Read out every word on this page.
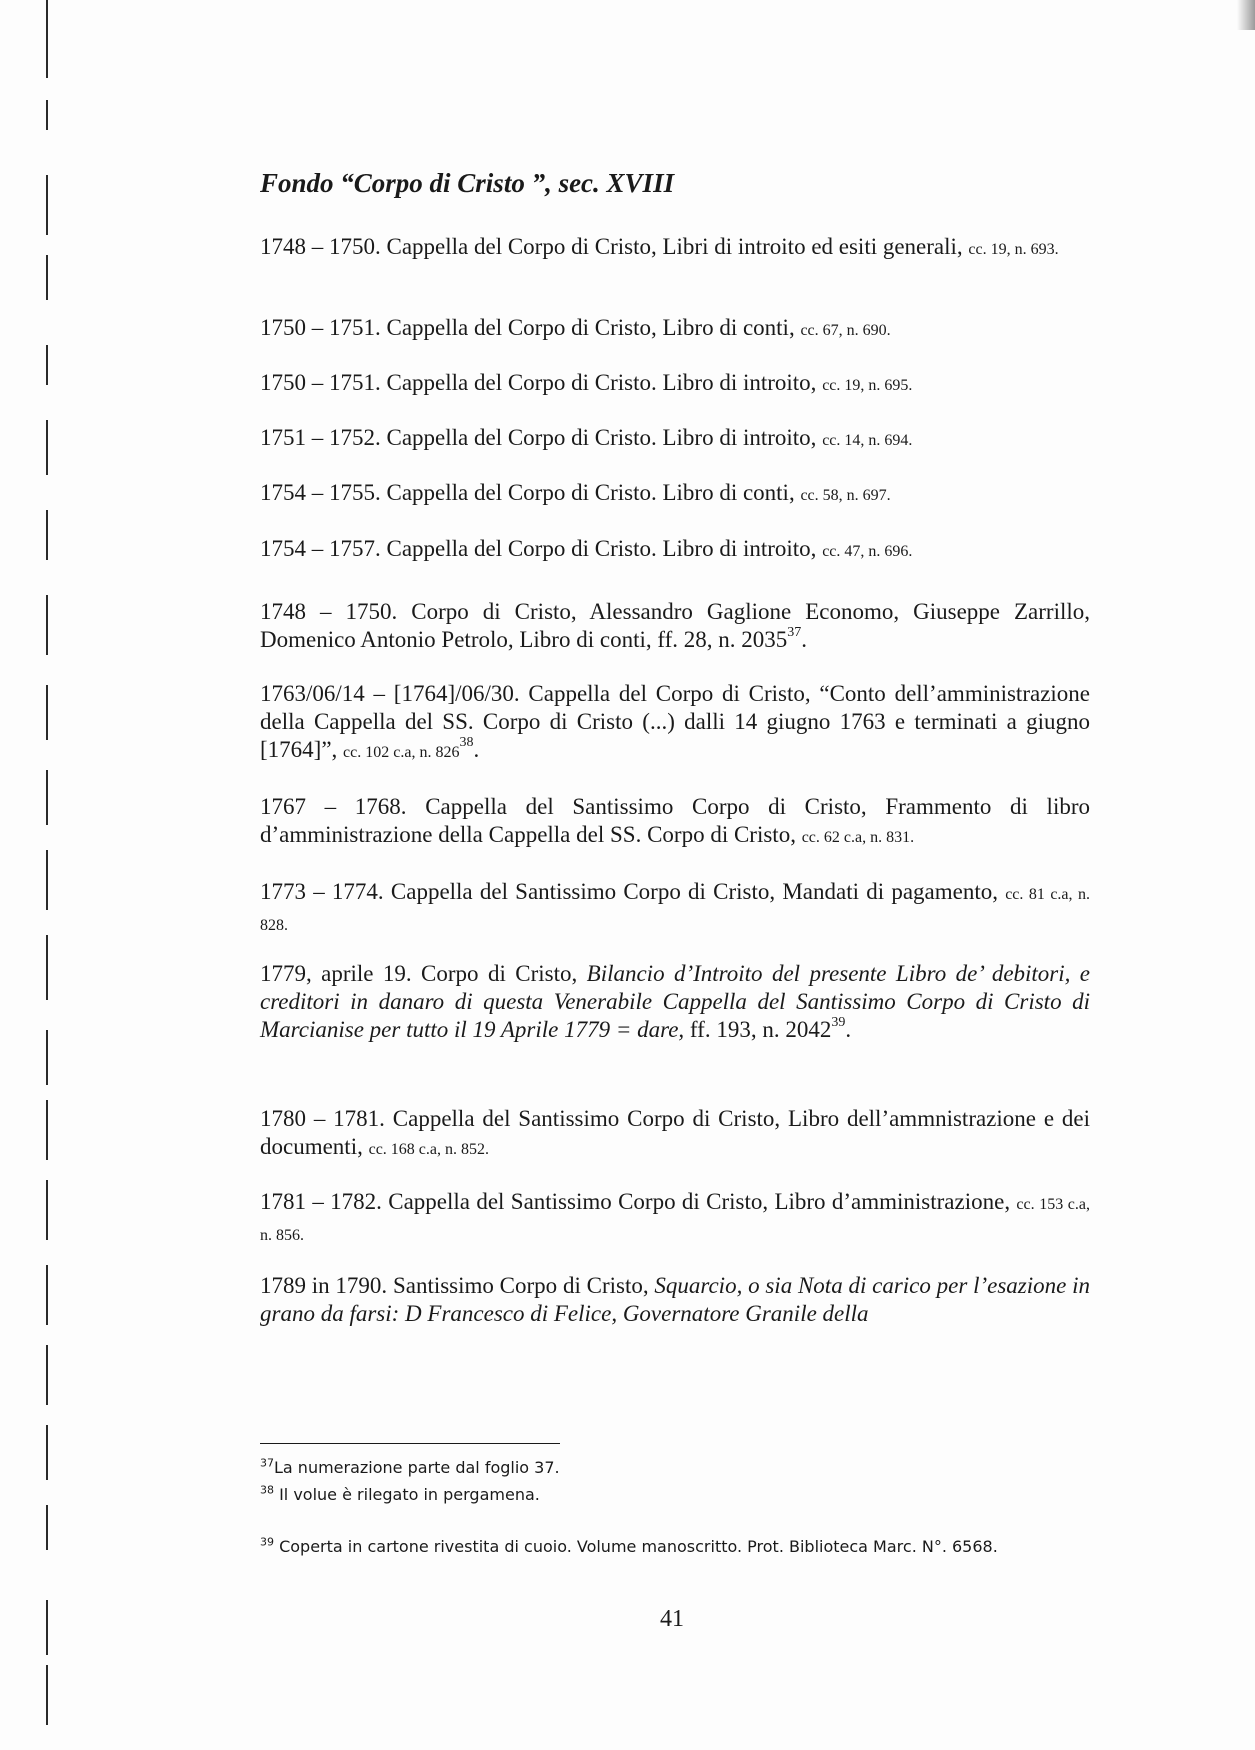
Fondo “Corpo di Cristo ”, sec. XVIII
1748 – 1750. Cappella del Corpo di Cristo, Libri di introito ed esiti generali, cc. 19, n. 693.
1750 – 1751. Cappella del Corpo di Cristo, Libro di conti, cc. 67, n. 690.
1750 – 1751. Cappella del Corpo di Cristo. Libro di introito, cc. 19, n. 695.
1751 – 1752. Cappella del Corpo di Cristo. Libro di introito, cc. 14, n. 694.
1754 – 1755. Cappella del Corpo di Cristo. Libro di conti, cc. 58, n. 697.
1754 – 1757. Cappella del Corpo di Cristo. Libro di introito, cc. 47, n. 696.
1748 – 1750. Corpo di Cristo, Alessandro Gaglione Economo, Giuseppe Zarrillo, Domenico Antonio Petrolo, Libro di conti, ff. 28, n. 2035$^{37}$.
1763/06/14 – [1764]/06/30. Cappella del Corpo di Cristo, “Conto dell’amministrazione della Cappella del SS. Corpo di Cristo (...) dalli 14 giugno 1763 e terminati a giugno [1764]”, cc. 102 c.a, n. 826$^{38}$.
1767 – 1768. Cappella del Santissimo Corpo di Cristo, Frammento di libro d’amministrazione della Cappella del SS. Corpo di Cristo, cc. 62 c.a, n. 831.
1773 – 1774. Cappella del Santissimo Corpo di Cristo, Mandati di pagamento, cc. 81 c.a, n. 828.
1779, aprile 19. Corpo di Cristo, Bilancio d’Introito del presente Libro de’ debitori, e creditori in danaro di questa Venerabile Cappella del Santissimo Corpo di Cristo di Marcianise per tutto il 19 Aprile 1779 = dare, ff. 193, n. 2042$^{39}$.
1780 – 1781. Cappella del Santissimo Corpo di Cristo, Libro dell’ammnistrazione e dei documenti, cc. 168 c.a, n. 852.
1781 – 1782. Cappella del Santissimo Corpo di Cristo, Libro d’amministrazione, cc. 153 c.a, n. 856.
1789 in 1790. Santissimo Corpo di Cristo, Squarcio, o sia Nota di carico per l’esazione in grano da farsi: D Francesco di Felice, Governatore Granile della
$^{37}$La numerazione parte dal foglio 37.
$^{38}$ Il volue è rilegato in pergamena.
$^{39}$ Coperta in cartone rivestita di cuoio. Volume manoscritto. Prot. Biblioteca Marc. N°. 6568.
41
